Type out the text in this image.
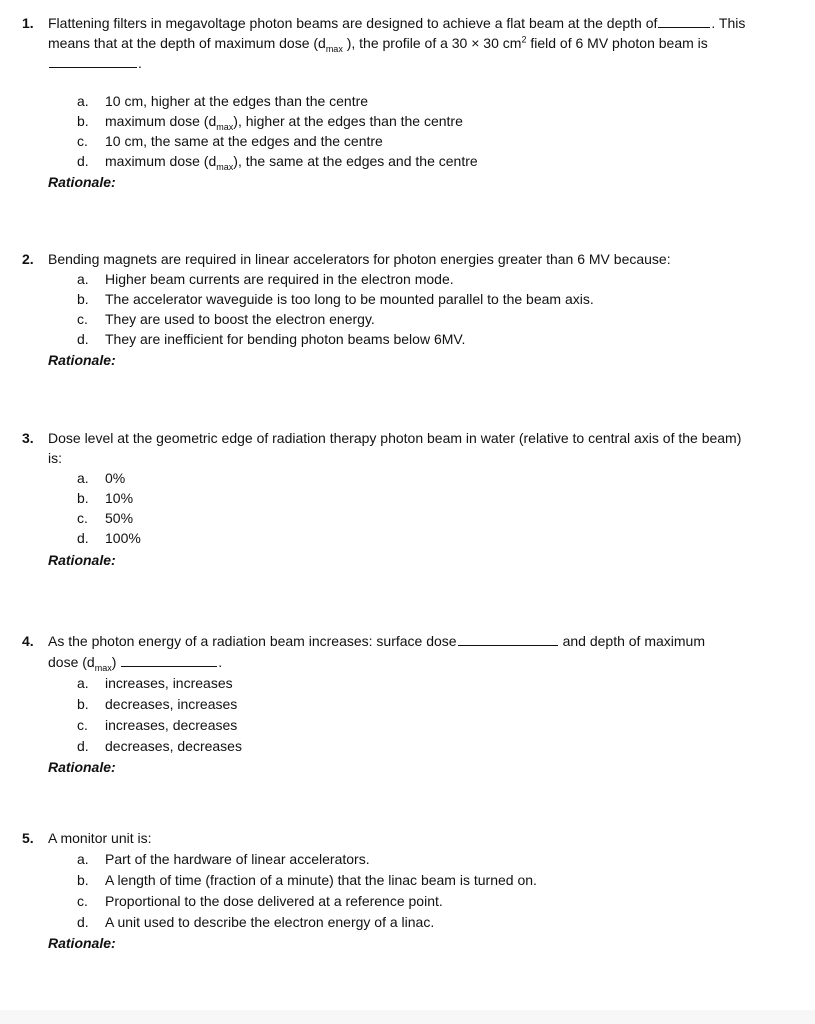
1. Flattening filters in megavoltage photon beams are designed to achieve a flat beam at the depth of	. This
means that at the depth of maximum dose ($d_{max}$ ), the profile of a 30 × 30 $cm^2$ field of 6 MV photon beam is
.
a. 10 cm, higher at the edges than the centre
b. maximum dose $(d_{max})$, higher at the edges than the centre
c. 10 cm, the same at the edges and the centre
d. maximum dose $(d_{max})$, the same at the edges and the centre
Rationale:
2. Bending magnets are required in linear accelerators for photon energies greater than 6 MV because:
a. Higher beam currents are required in the electron mode.
b. The accelerator waveguide is too long to be mounted parallel to the beam axis.
c. They are used to boost the electron energy.
d. They are inefficient for bending photon beams below 6MV.
Rationale:
3. Dose level at the geometric edge of radiation therapy photon beam in water (relative to central axis of the beam)
is:
a. 0%
b. 10%
c. 50%
d. 100%
Rationale:
4. As the photon energy of a radiation beam increases: surface dose	and depth of maximum
dose $(d_{max})$	.
a. increases, increases
b. decreases, increases
c. increases, decreases
d. decreases, decreases
Rationale:
5. A monitor unit is:
a. Part of the hardware of linear accelerators.
b. A length of time (fraction of a minute) that the linac beam is turned on.
c. Proportional to the dose delivered at a reference point.
d. A unit used to describe the electron energy of a linac.
Rationale:
